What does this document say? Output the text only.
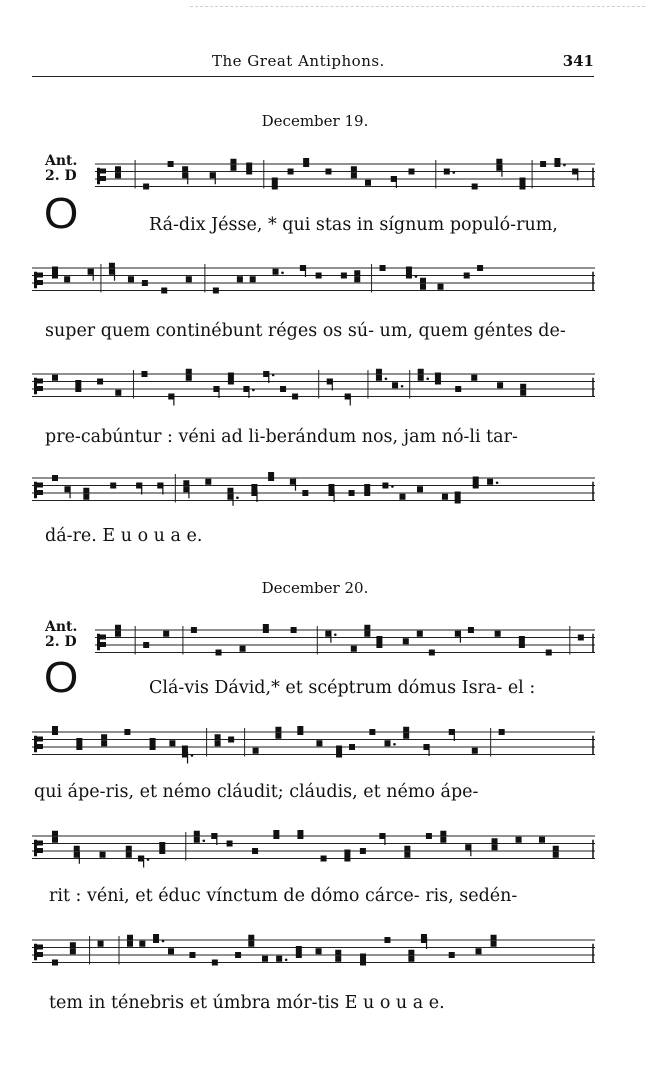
The Great Antiphons.	341
December 19.
Ant.
2. D
O	Rá-dix Jésse, * qui stas in sígnum populó-rum,
super quem continébunt réges os sú- um, quem géntes de-
pre-cabúntur : véni ad li-berándum nos, jam nó-li tar-
dá-re. E u o u a e.
December 20.
Ant.
2. D
O	Clá-vis Dávid,* et scéptrum dómus Isra- el :
qui ápe-ris, et némo cláudit; cláudis, et némo ápe-
rit : véni, et éduc vínctum de dómo cárce- ris, sedén-
tem in ténebris et úmbra mór-tis E u o u a e.
